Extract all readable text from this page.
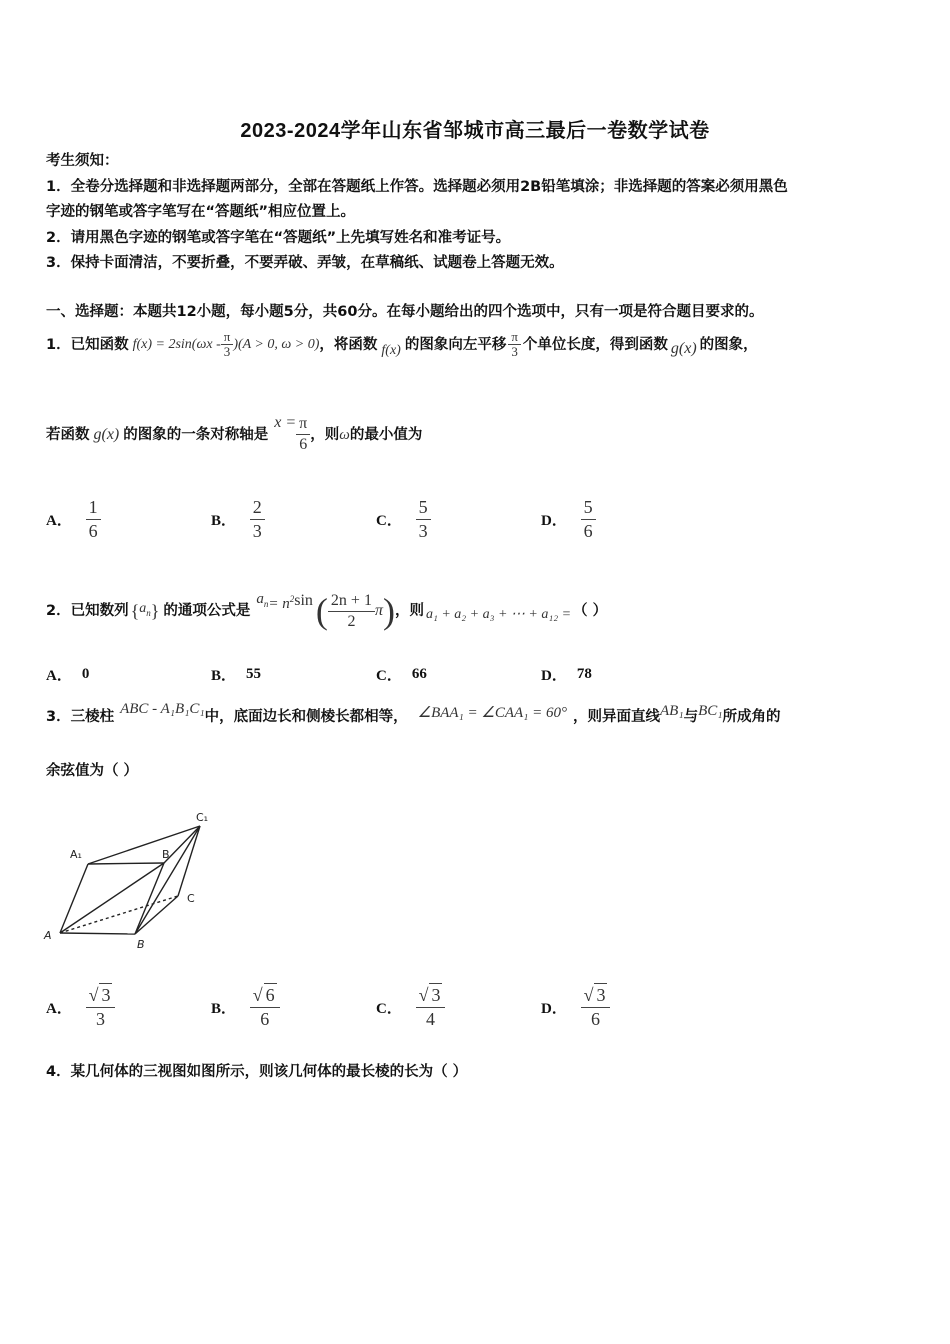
2023-2024学年山东省邹城市高三最后一卷数学试卷
考生须知：
1．全卷分选择题和非选择题两部分，全部在答题纸上作答。选择题必须用2B铅笔填涂；非选择题的答案必须用黑色
字迹的钢笔或答字笔写在“答题纸”相应位置上。
2．请用黑色字迹的钢笔或答字笔在“答题纸”上先填写姓名和准考证号。
3．保持卡面清洁，不要折叠，不要弄破、弄皱，在草稿纸、试题卷上答题无效。
一、选择题：本题共12小题，每小题5分，共60分。在每小题给出的四个选项中，只有一项是符合题目要求的。
1．已知函数 $f(x) = 2\sin(\omega x - \frac{\pi}{3} )(A > 0$, ω > 0) ，将函数 f(x) 的图象向左平移 $\frac{\pi}{3}$ 个单位长度，得到函数 g(x) 的图象，
若函数 g(x) 的图象的一条对称轴是
$x = \frac{\pi}{6}$ ，则 ω 的最小值为
A． $\frac{1}{6}$	B． $\frac{2}{3}$	C． $\frac{5}{3}$	D． $\frac{5}{6}$
2．已知数列 { $a_n$ } 的通项公式是
$a_n = n^2$ sin ( $\frac{2n + 1}{2}$ π ) ，则 a₁ + a₂ + a₃ + ⋯ + a₁₂ = （ ）
A． 0	B． 55	C． 66	D． 78
3．三棱柱 ABC - A₁B₁C₁ 中，底面边长和侧棱长都相等， ∠BAA₁ = ∠CAA₁ = 60° ，则异面直线 AB₁ 与 BC₁ 所成角的
余弦值为（ ）
A₁	B
C₁
C
A
B
A． $\frac{√ 3}{3}$	B． $\frac{√ 6}{6}$	C． $\frac{√ 3}{4}$	D． $\frac{√ 3}{6}$
4．某几何体的三视图如图所示，则该几何体的最长棱的长为（ ）
